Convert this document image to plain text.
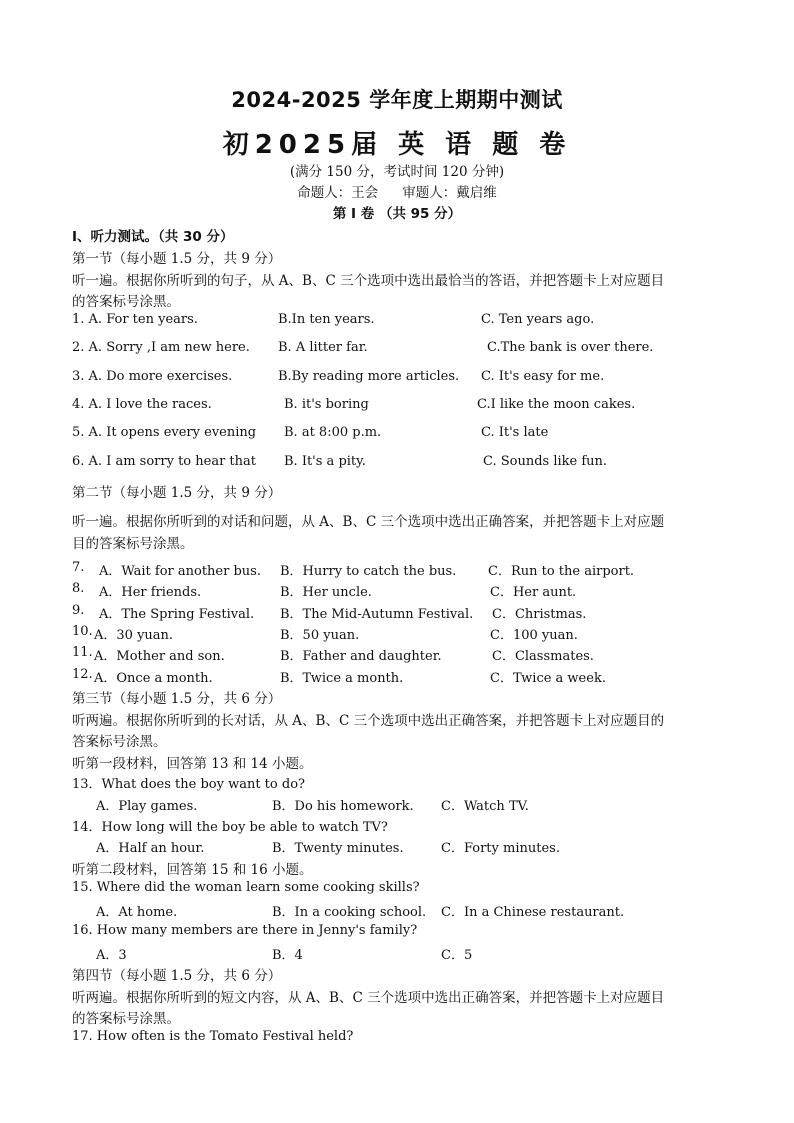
2024-2025 学年度上期期中测试
初2025届 英 语 题 卷
(满分 150 分，考试时间 120 分钟)
命题人：王会 审题人：戴启维
第 I 卷 （共 95 分）
Ⅰ、听力测试。（共 30 分）
第一节（每小题 1.5 分，共 9 分）
听一遍。根据你所听到的句子，从 A、B、C 三个选项中选出最恰当的答语，并把答题卡上对应题目
的答案标号涂黑。
1. A. For ten years.	B.In ten years.	C. Ten years ago.
2. A. Sorry ,I am new here. B. A litter far.	C.The bank is over there.
3. A. Do more exercises.	B.By reading more articles. C. It's easy for me.
4. A. I love the races.	B. it's boring	C.I like the moon cakes.
5. A. It opens every evening B. at 8:00 p.m.	C. It's late
6. A. I am sorry to hear that B. It's a pity.	C. Sounds like fun.
第二节（每小题 1.5 分，共 9 分）
听一遍。根据你所听到的对话和问题，从 A、B、C 三个选项中选出正确答案，并把答题卡上对应题
目的答案标号涂黑。
7. A．Wait for another bus. B．Hurry to catch the bus. C．Run to the airport.
8. A．Her friends.	B．Her uncle.	C．Her aunt.
9. A．The Spring Festival. B．The Mid-Autumn Festival. C．Christmas.
10. A．30 yuan.	B．50 yuan.	C．100 yuan.
11. A．Mother and son.	B．Father and daughter.	C．Classmates.
12. A．Once a month.	B．Twice a month.	C．Twice a week.
第三节（每小题 1.5 分，共 6 分）
听两遍。根据你所听到的长对话，从 A、B、C 三个选项中选出正确答案，并把答题卡上对应题目的
答案标号涂黑。
听第一段材料，回答第 13 和 14 小题。
13．What does the boy want to do?
A．Play games.	B．Do his homework. C．Watch TV.
14．How long will the boy be able to watch TV?
A．Half an hour.	B．Twenty minutes.	C．Forty minutes.
听第二段材料，回答第 15 和 16 小题。
15. Where did the woman learn some cooking skills?
A．At home.	B．In a cooking school. C．In a Chinese restaurant.
16. How many members are there in Jenny's family?
A．3	B．4	C．5
第四节（每小题 1.5 分，共 6 分）
听两遍。根据你所听到的短文内容，从 A、B、C 三个选项中选出正确答案，并把答题卡上对应题目
的答案标号涂黑。
17. How often is the Tomato Festival held?
